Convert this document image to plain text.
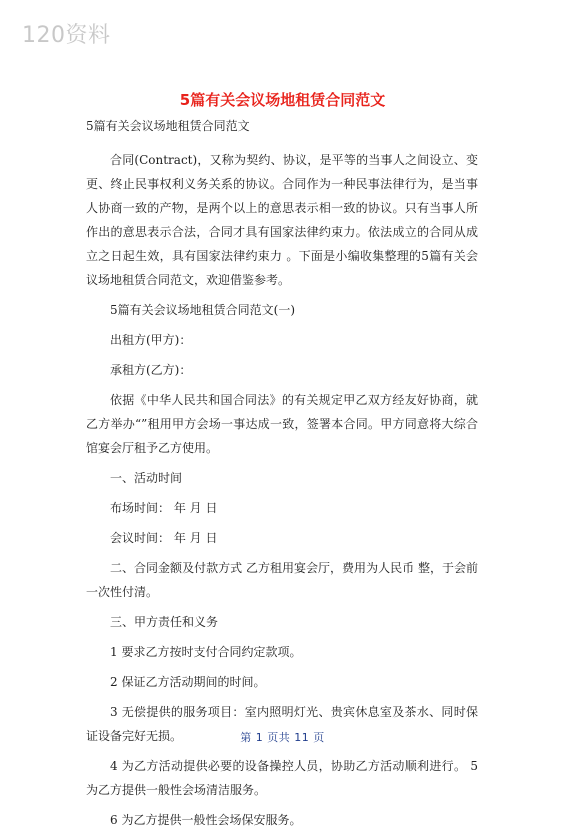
120资料
5篇有关会议场地租赁合同范文
5篇有关会议场地租赁合同范文

合同(Contract)，又称为契约、协议，是平等的当事人之间设立、变更、终止民事权利义务关系的协议。合同作为一种民事法律行为，是当事人协商一致的产物，是两个以上的意思表示相一致的协议。只有当事人所作出的意思表示合法，合同才具有国家法律约束力。依法成立的合同从成立之日起生效，具有国家法律约束力 。下面是小编收集整理的5篇有关会议场地租赁合同范文，欢迎借鉴参考。

5篇有关会议场地租赁合同范文(一)

出租方(甲方)：

承租方(乙方)：

依据《中华人民共和国合同法》的有关规定甲乙双方经友好协商，就乙方举办“”租用甲方会场一事达成一致，签署本合同。甲方同意将大综合馆宴会厅租予乙方使用。

一、活动时间

布场时间： 年 月 日

会议时间： 年 月 日

二、合同金额及付款方式 乙方租用宴会厅，费用为人民币 整，于会前一次性付清。

三、甲方责任和义务

1 要求乙方按时支付合同约定款项。

2 保证乙方活动期间的时间。

3 无偿提供的服务项目：室内照明灯光、贵宾休息室及茶水、同时保证设备完好无损。

4 为乙方活动提供必要的设备操控人员，协助乙方活动顺利进行。 5 为乙方提供一般性会场清洁服务。

6 为乙方提供一般性会场保安服务。

第 1 页共 11 页
